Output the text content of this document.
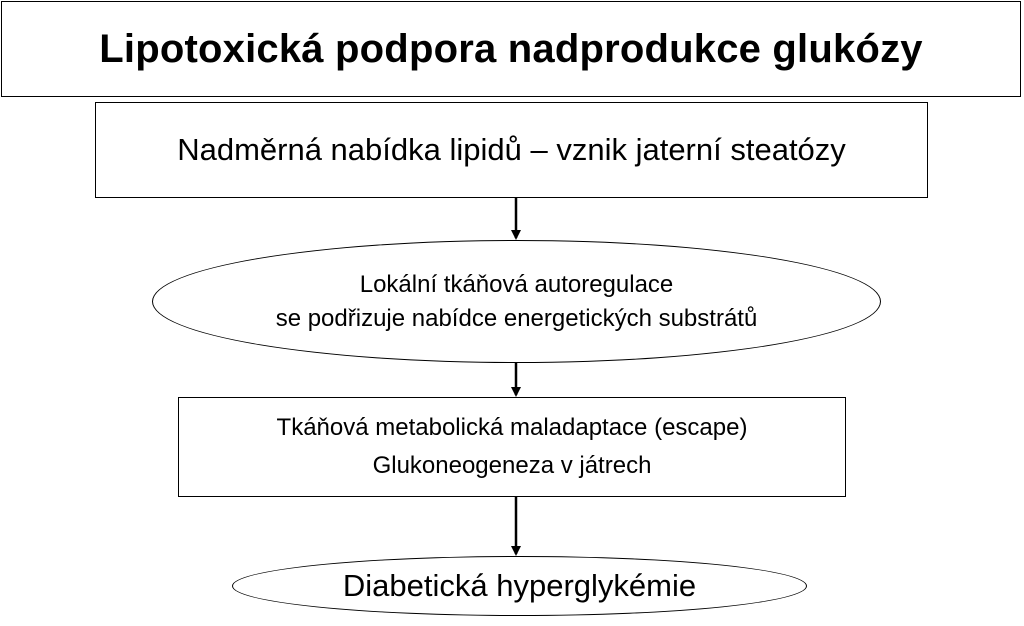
Lipotoxická podpora nadprodukce glukózy
Nadměrná nabídka lipidů – vznik jaterní steatózy
Lokální tkáňová autoregulace
se podřizuje nabídce energetických substrátů
Tkáňová metabolická maladaptace (escape)
Glukoneogeneza v játrech
Diabetická hyperglykémie
